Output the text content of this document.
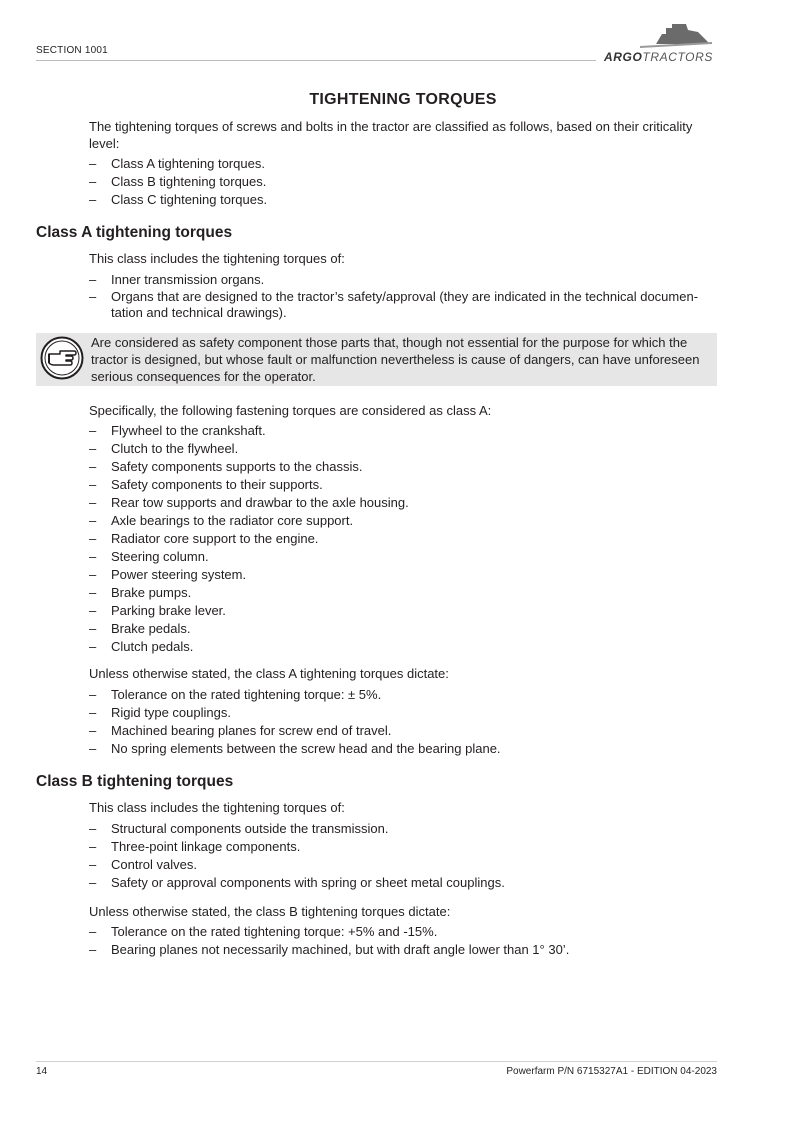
SECTION 1001	ARGOTRACTORS
TIGHTENING TORQUES

The tightening torques of screws and bolts in the tractor are classified as follows, based on their criticality level:

– Class A tightening torques.
– Class B tightening torques.
– Class C tightening torques.
Class A tightening torques

This class includes the tightening torques of:

– Inner transmission organs.
– Organs that are designed to the tractor’s safety/approval (they are indicated in the technical documentation and technical drawings).

Are considered as safety component those parts that, though not essential for the purpose for which the tractor is designed, but whose fault or malfunction nevertheless is cause of dangers, can have unforeseen serious consequences for the operator.

Specifically, the following fastening torques are considered as class A:

– Flywheel to the crankshaft.
– Clutch to the flywheel.
– Safety components supports to the chassis.
– Safety components to their supports.
– Rear tow supports and drawbar to the axle housing.
– Axle bearings to the radiator core support.
– Radiator core support to the engine.
– Steering column.
– Power steering system.
– Brake pumps.
– Parking brake lever.
– Brake pedals.
– Clutch pedals.

Unless otherwise stated, the class A tightening torques dictate:

– Tolerance on the rated tightening torque: ± 5%.
– Rigid type couplings.
– Machined bearing planes for screw end of travel.
– No spring elements between the screw head and the bearing plane.
Class B tightening torques

This class includes the tightening torques of:

– Structural components outside the transmission.
– Three-point linkage components.
– Control valves.
– Safety or approval components with spring or sheet metal couplings.

Unless otherwise stated, the class B tightening torques dictate:

– Tolerance on the rated tightening torque: +5% and -15%.
– Bearing planes not necessarily machined, but with draft angle lower than 1° 30’.
14	Powerfarm P/N 6715327A1 - EDITION 04-2023
